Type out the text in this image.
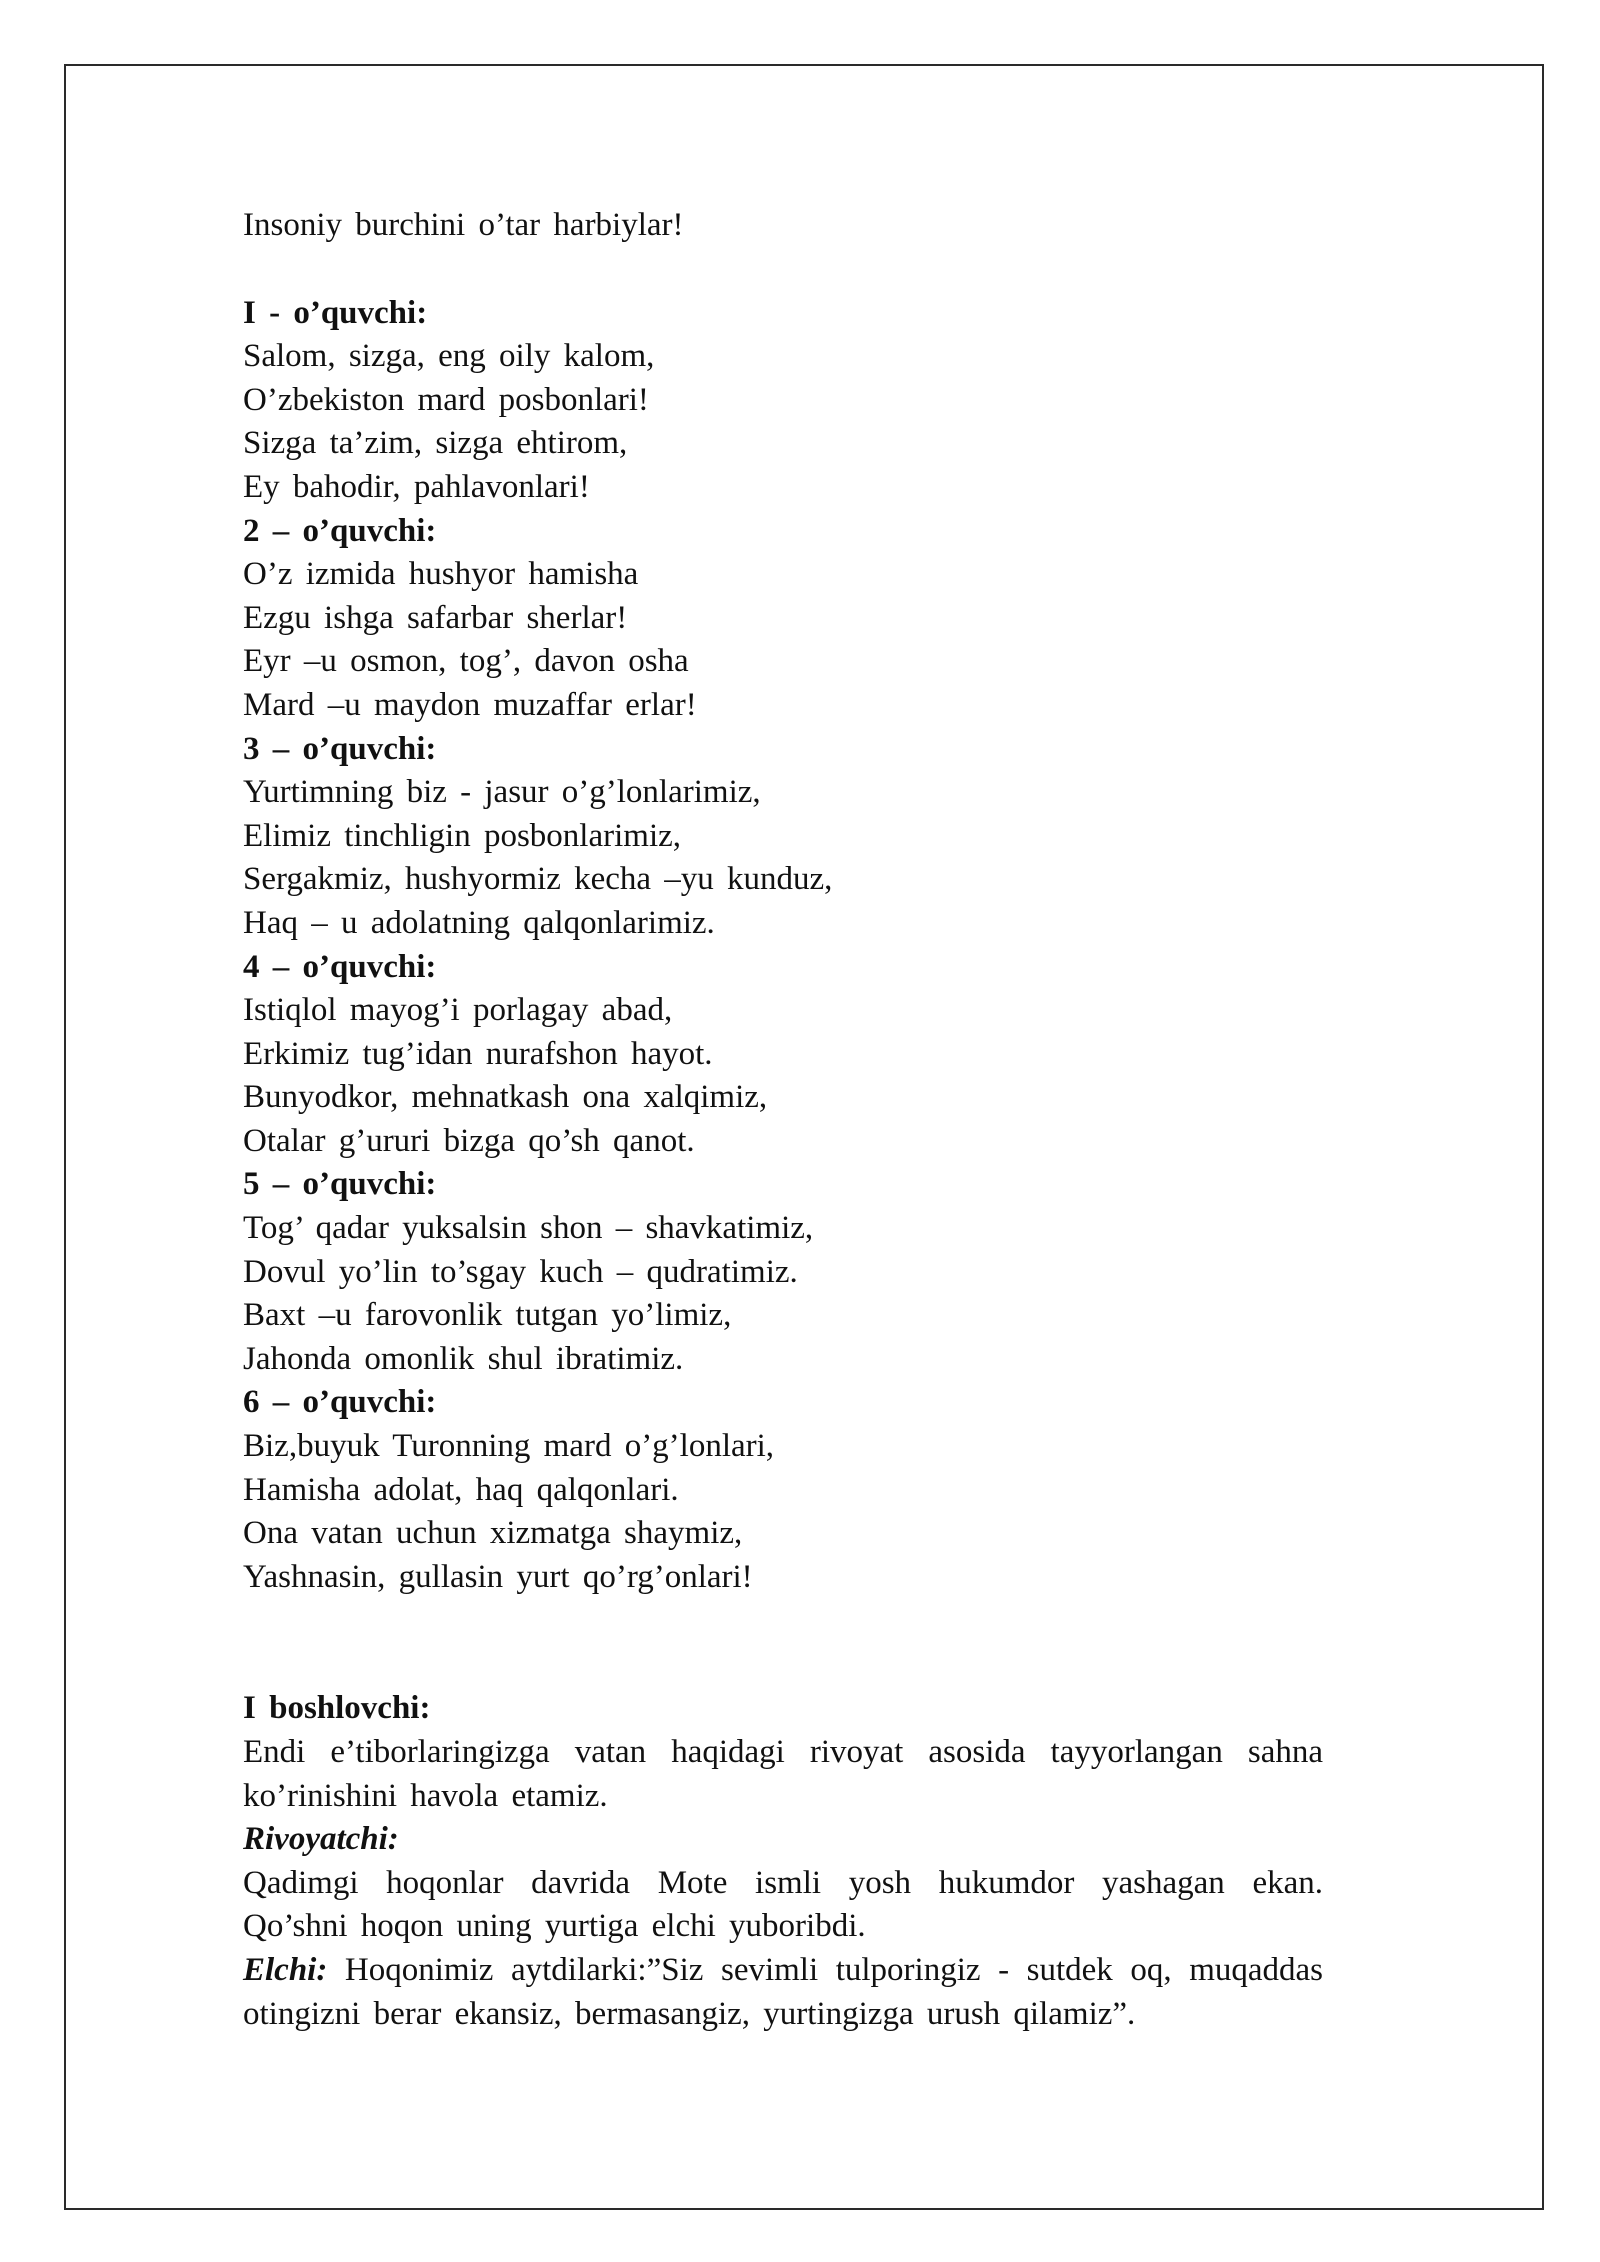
Insoniy burchini o’tar harbiylar!

I - o’quvchi:

Salom, sizga, eng oily kalom,

O’zbekiston mard posbonlari!

Sizga ta’zim, sizga ehtirom,

Ey bahodir, pahlavonlari!

2 – o’quvchi:

O’z izmida hushyor hamisha

Ezgu ishga safarbar sherlar!

Eyr –u osmon, tog’, davon osha

Mard –u maydon muzaffar erlar!

3 – o’quvchi:

Yurtimning biz - jasur o’g’lonlarimiz,

Elimiz tinchligin posbonlarimiz,

Sergakmiz, hushyormiz kecha –yu kunduz,

Haq – u adolatning qalqonlarimiz.

4 – o’quvchi:

Istiqlol mayog’i porlagay abad,

Erkimiz tug’idan nurafshon hayot.

Bunyodkor, mehnatkash ona xalqimiz,

Otalar g’ururi bizga qo’sh qanot.

5 – o’quvchi:

Tog’ qadar yuksalsin shon – shavkatimiz,

Dovul yo’lin to’sgay kuch – qudratimiz.

Baxt –u farovonlik tutgan yo’limiz,

Jahonda omonlik shul ibratimiz.

6 – o’quvchi:

Biz,buyuk Turonning mard o’g’lonlari,

Hamisha adolat, haq qalqonlari.

Ona vatan uchun xizmatga shaymiz,

Yashnasin, gullasin yurt qo’rg’onlari!

I boshlovchi:

Endi e’tiborlaringizga vatan haqidagi rivoyat asosida tayyorlangan sahna ko’rinishini havola etamiz.

Rivoyatchi:

Qadimgi hoqonlar davrida Mote ismli yosh hukumdor yashagan ekan. Qo’shni hoqon uning yurtiga elchi yuboribdi.

Elchi: Hoqonimiz aytdilarki:”Siz sevimli tulporingiz - sutdek oq, muqaddas otingizni berar ekansiz, bermasangiz, yurtingizga urush qilamiz”.
